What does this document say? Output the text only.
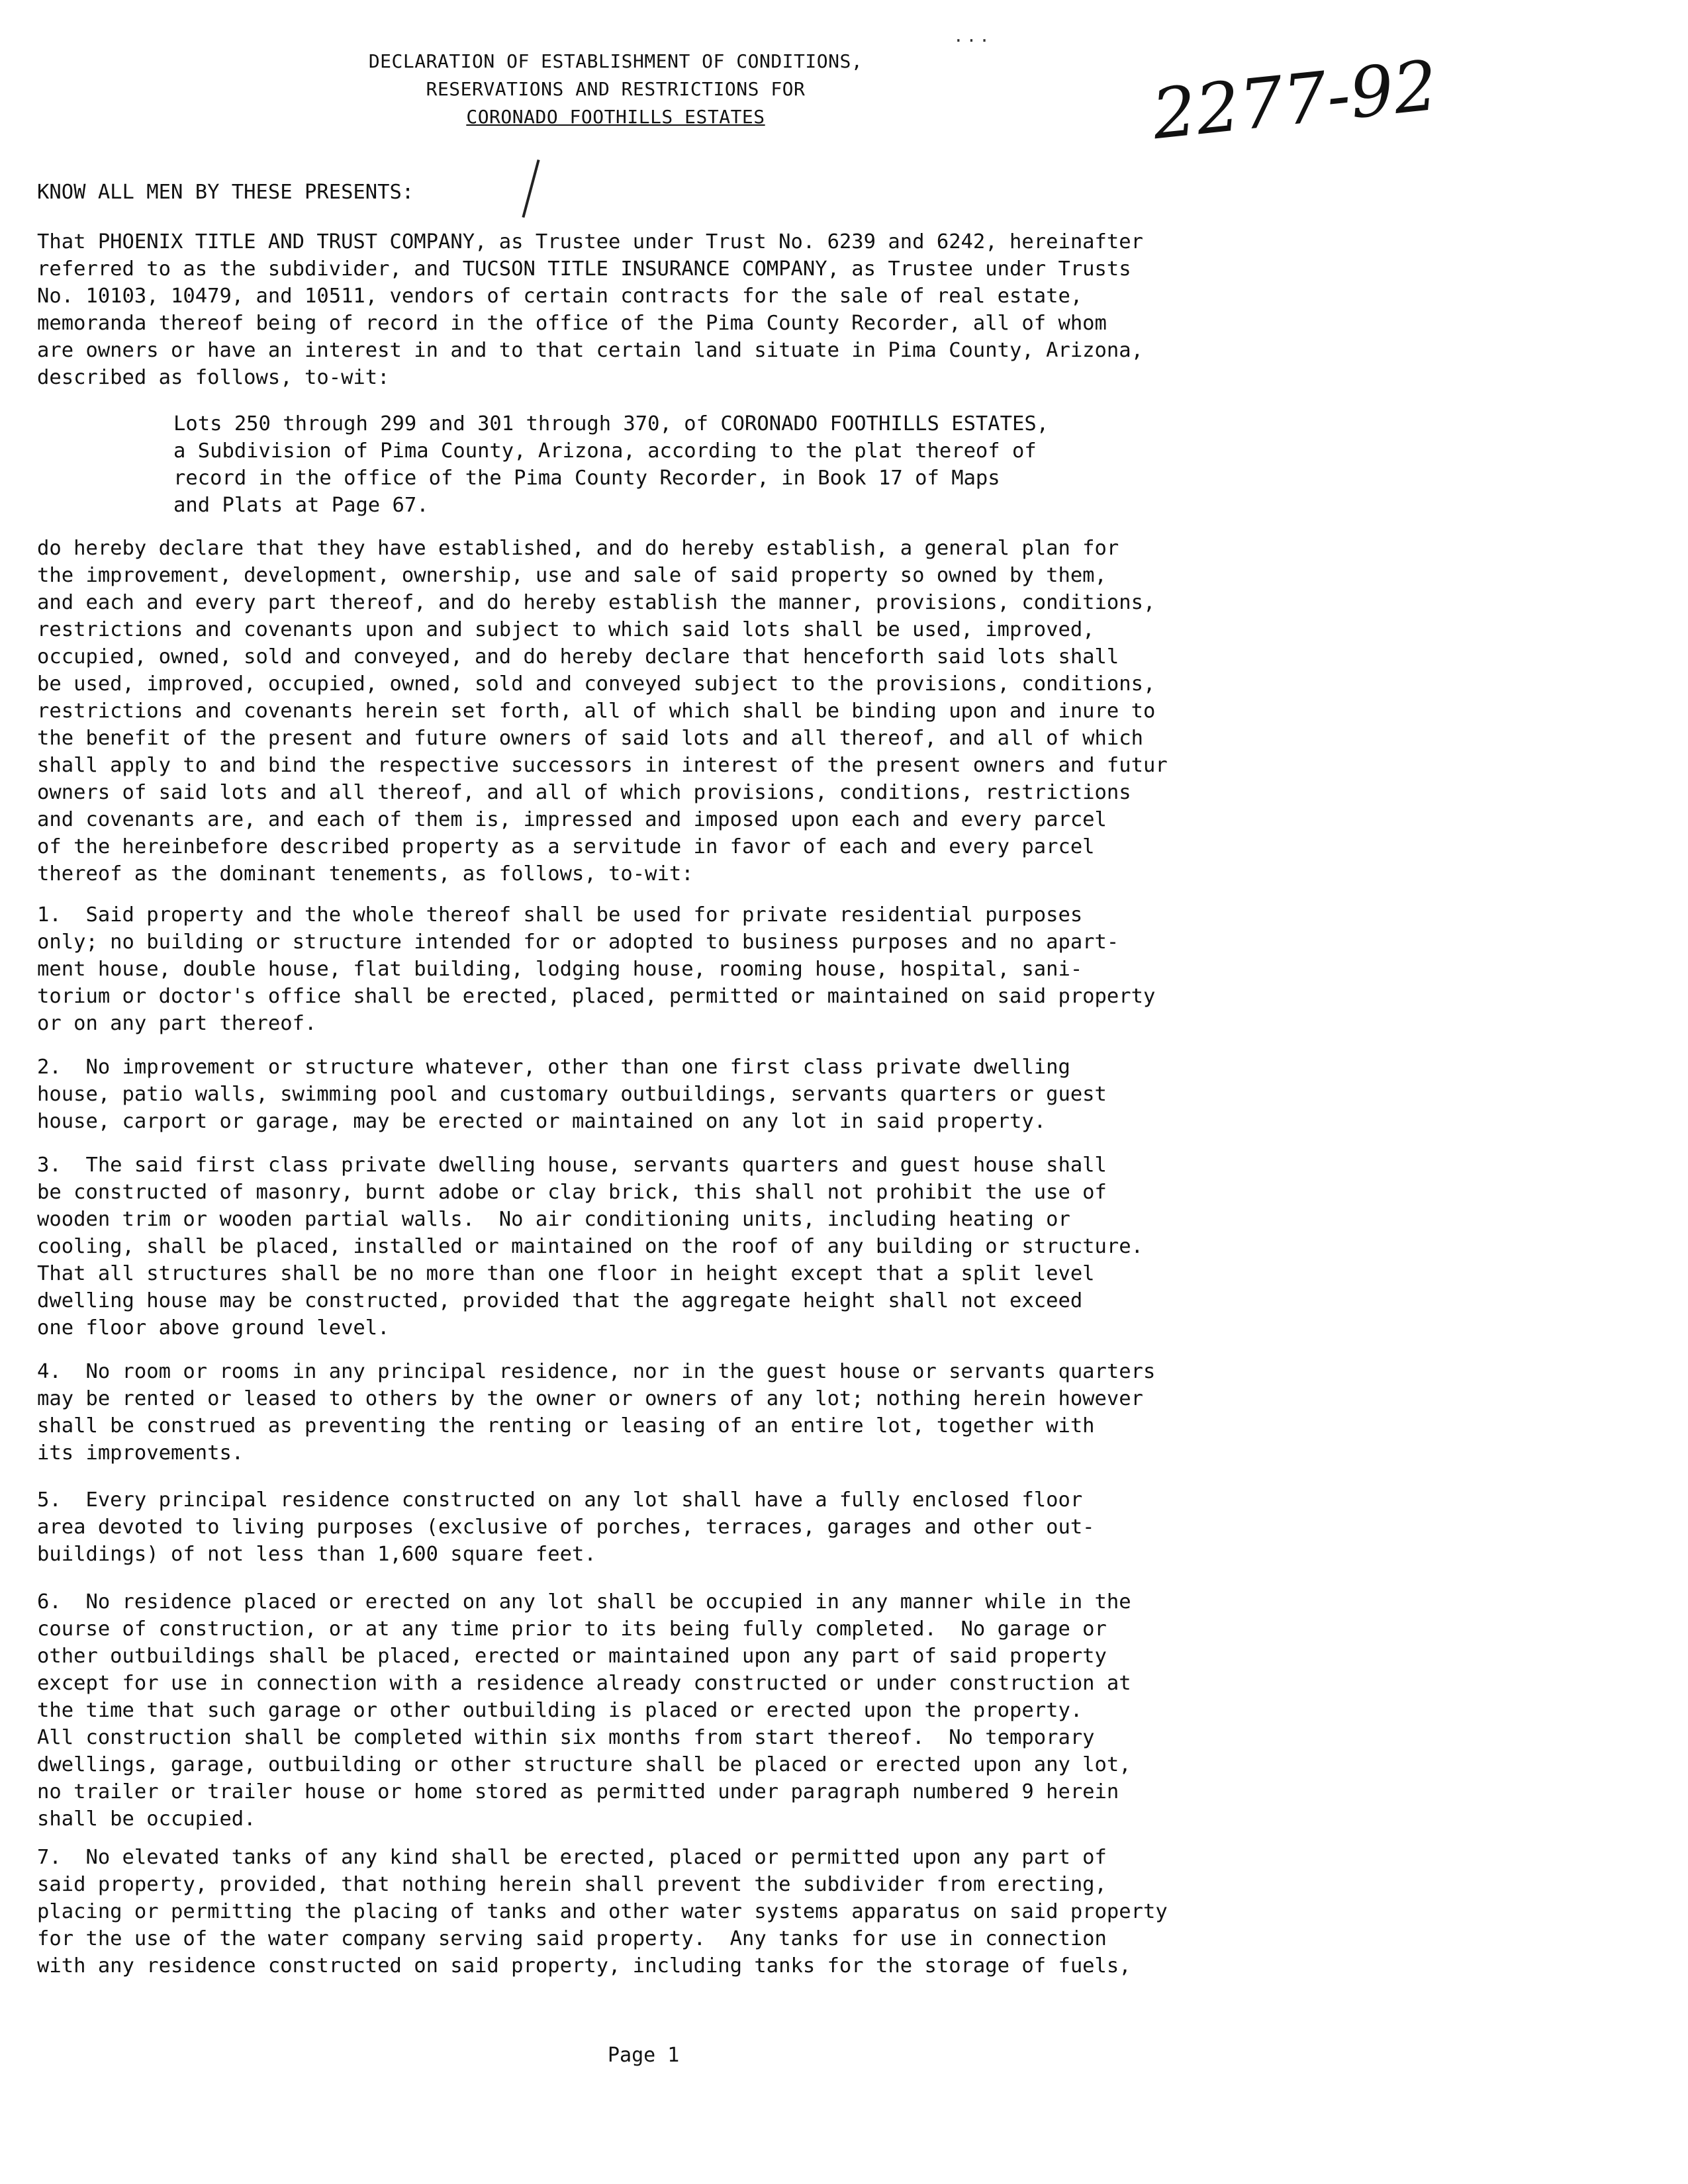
...
2277-92
DECLARATION OF ESTABLISHMENT OF CONDITIONS,
RESERVATIONS AND RESTRICTIONS FOR
CORONADO FOOTHILLS ESTATES

KNOW ALL MEN BY THESE PRESENTS:

That PHOENIX TITLE AND TRUST COMPANY, as Trustee under Trust No. 6239 and 6242, hereinafter
referred to as the subdivider, and TUCSON TITLE INSURANCE COMPANY, as Trustee under Trusts
No. 10103, 10479, and 10511, vendors of certain contracts for the sale of real estate,
memoranda thereof being of record in the office of the Pima County Recorder, all of whom
are owners or have an interest in and to that certain land situate in Pima County, Arizona,
described as follows, to-wit:

Lots 250 through 299 and 301 through 370, of CORONADO FOOTHILLS ESTATES,
a Subdivision of Pima County, Arizona, according to the plat thereof of
record in the office of the Pima County Recorder, in Book 17 of Maps
and Plats at Page 67.

do hereby declare that they have established, and do hereby establish, a general plan for
the improvement, development, ownership, use and sale of said property so owned by them,
and each and every part thereof, and do hereby establish the manner, provisions, conditions,
restrictions and covenants upon and subject to which said lots shall be used, improved,
occupied, owned, sold and conveyed, and do hereby declare that henceforth said lots shall
be used, improved, occupied, owned, sold and conveyed subject to the provisions, conditions,
restrictions and covenants herein set forth, all of which shall be binding upon and inure to
the benefit of the present and future owners of said lots and all thereof, and all of which
shall apply to and bind the respective successors in interest of the present owners and futur
owners of said lots and all thereof, and all of which provisions, conditions, restrictions
and covenants are, and each of them is, impressed and imposed upon each and every parcel
of the hereinbefore described property as a servitude in favor of each and every parcel
thereof as the dominant tenements, as follows, to-wit:

1.  Said property and the whole thereof shall be used for private residential purposes
only; no building or structure intended for or adopted to business purposes and no apart-
ment house, double house, flat building, lodging house, rooming house, hospital, sani-
torium or doctor's office shall be erected, placed, permitted or maintained on said property
or on any part thereof.

2.  No improvement or structure whatever, other than one first class private dwelling
house, patio walls, swimming pool and customary outbuildings, servants quarters or guest
house, carport or garage, may be erected or maintained on any lot in said property.

3.  The said first class private dwelling house, servants quarters and guest house shall
be constructed of masonry, burnt adobe or clay brick, this shall not prohibit the use of
wooden trim or wooden partial walls.  No air conditioning units, including heating or
cooling, shall be placed, installed or maintained on the roof of any building or structure.
That all structures shall be no more than one floor in height except that a split level
dwelling house may be constructed, provided that the aggregate height shall not exceed
one floor above ground level.

4.  No room or rooms in any principal residence, nor in the guest house or servants quarters
may be rented or leased to others by the owner or owners of any lot; nothing herein however
shall be construed as preventing the renting or leasing of an entire lot, together with
its improvements.

5.  Every principal residence constructed on any lot shall have a fully enclosed floor
area devoted to living purposes (exclusive of porches, terraces, garages and other out-
buildings) of not less than 1,600 square feet.

6.  No residence placed or erected on any lot shall be occupied in any manner while in the
course of construction, or at any time prior to its being fully completed.  No garage or
other outbuildings shall be placed, erected or maintained upon any part of said property
except for use in connection with a residence already constructed or under construction at
the time that such garage or other outbuilding is placed or erected upon the property.
All construction shall be completed within six months from start thereof.  No temporary
dwellings, garage, outbuilding or other structure shall be placed or erected upon any lot,
no trailer or trailer house or home stored as permitted under paragraph numbered 9 herein
shall be occupied.

7.  No elevated tanks of any kind shall be erected, placed or permitted upon any part of
said property, provided, that nothing herein shall prevent the subdivider from erecting,
placing or permitting the placing of tanks and other water systems apparatus on said property
for the use of the water company serving said property.  Any tanks for use in connection
with any residence constructed on said property, including tanks for the storage of fuels,

Page 1
